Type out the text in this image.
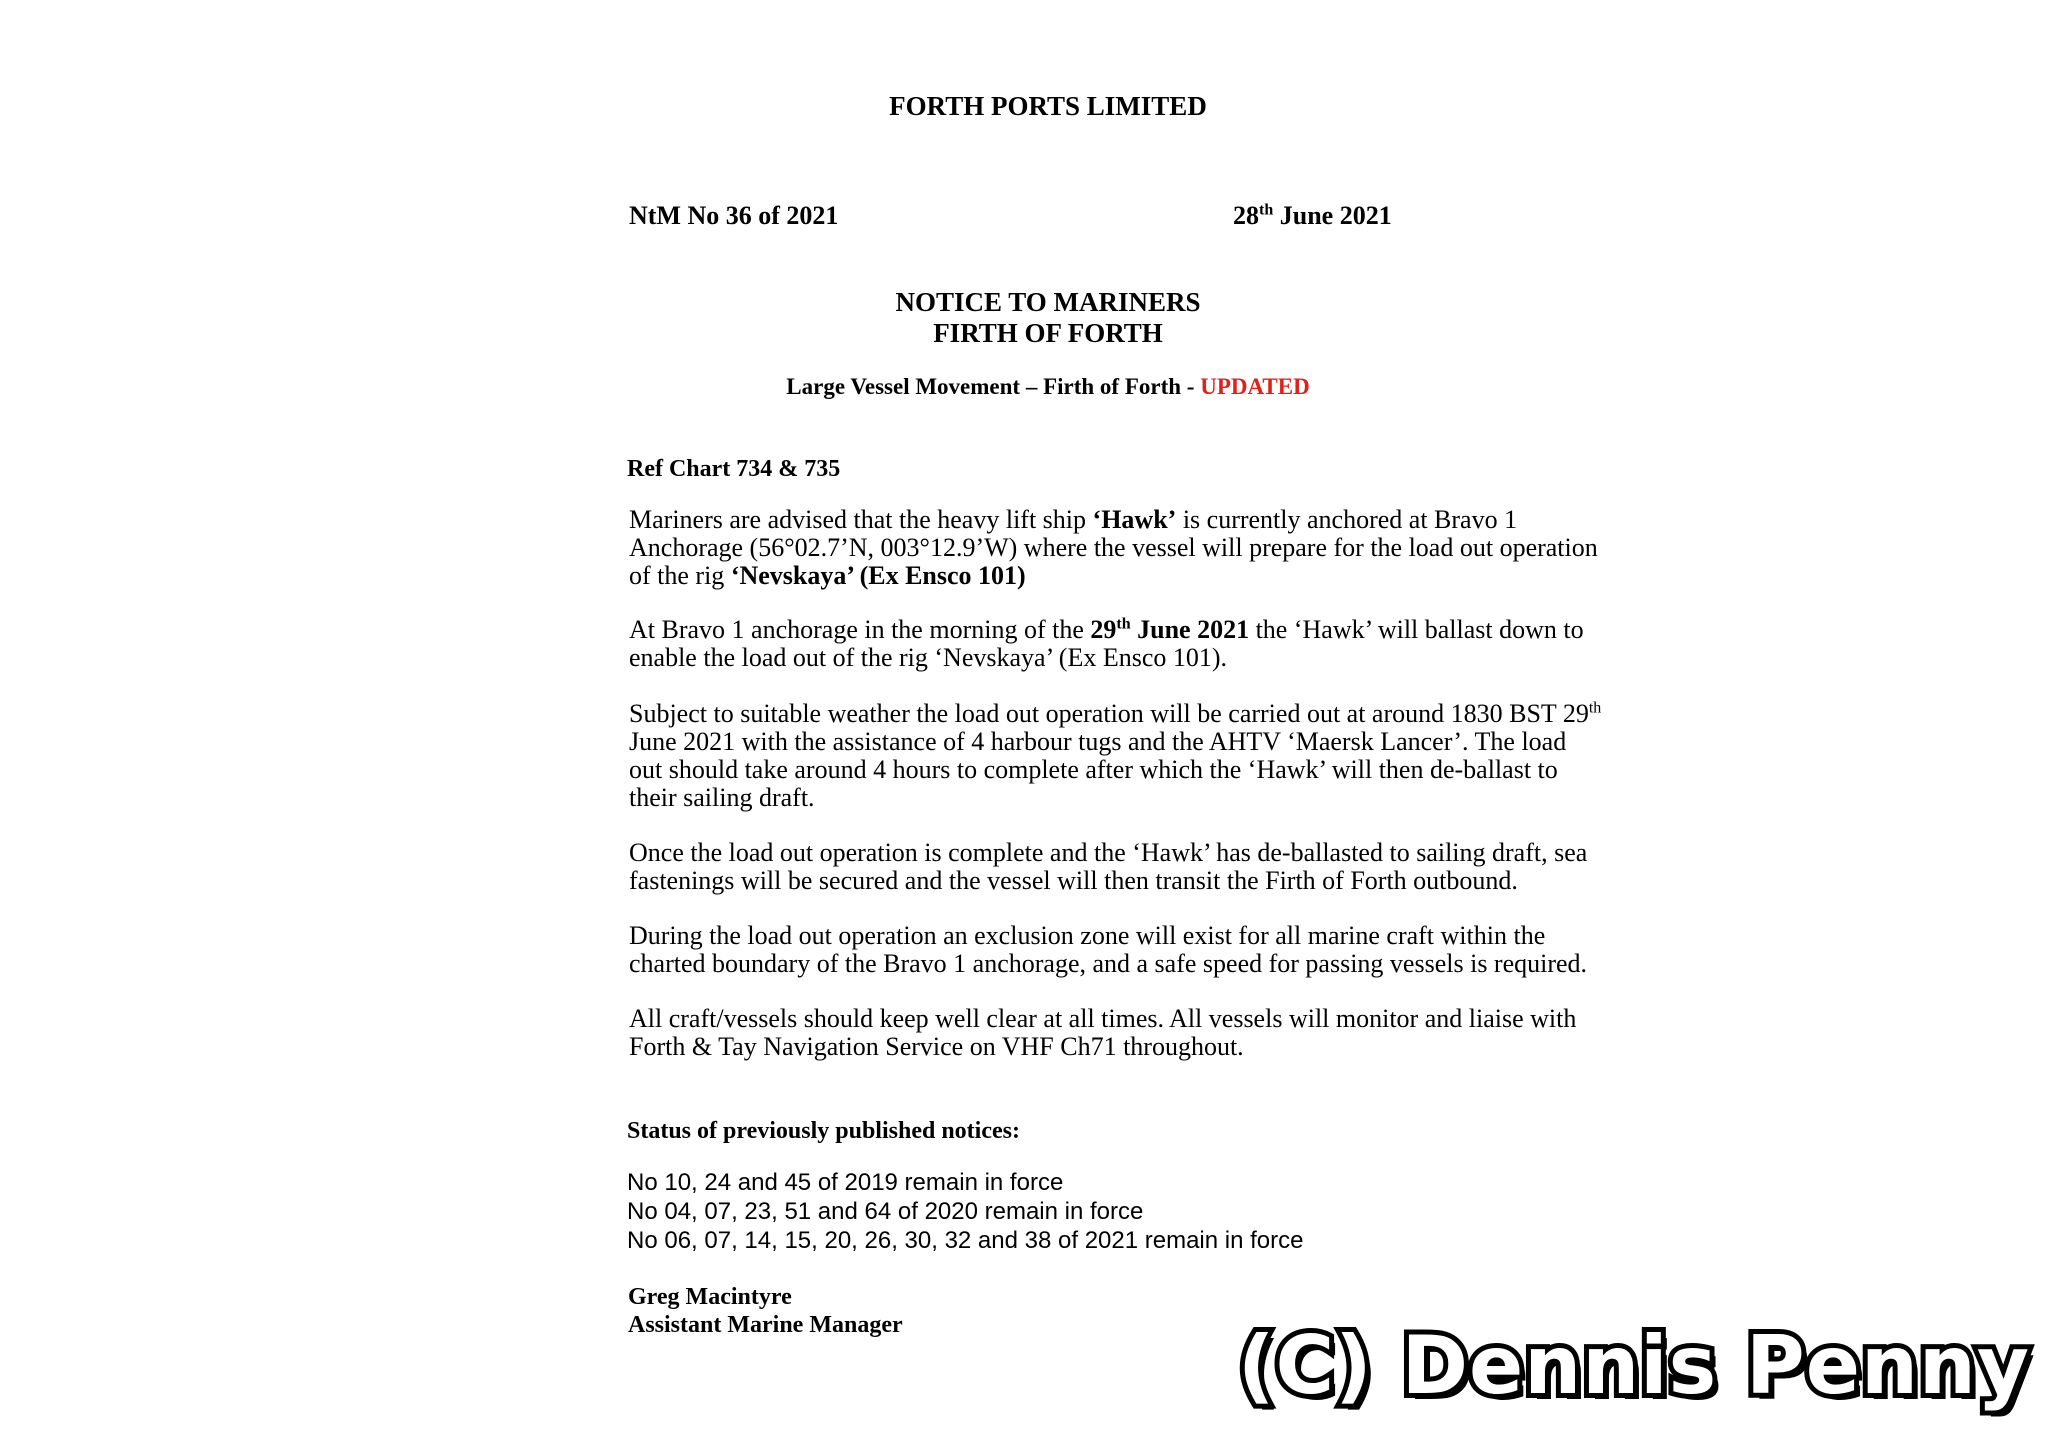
FORTH PORTS LIMITED
NtM No 36 of 2021	28th June 2021
NOTICE TO MARINERS
FIRTH OF FORTH
Large Vessel Movement – Firth of Forth - UPDATED
Ref Chart 734 & 735
Mariners are advised that the heavy lift ship ‘Hawk’ is currently anchored at Bravo 1
Anchorage (56°02.7’N, 003°12.9’W) where the vessel will prepare for the load out operation
of the rig ‘Nevskaya’ (Ex Ensco 101)
At Bravo 1 anchorage in the morning of the 29th June 2021 the ‘Hawk’ will ballast down to
enable the load out of the rig ‘Nevskaya’ (Ex Ensco 101).
Subject to suitable weather the load out operation will be carried out at around 1830 BST 29th
June 2021 with the assistance of 4 harbour tugs and the AHTV ‘Maersk Lancer’. The load
out should take around 4 hours to complete after which the ‘Hawk’ will then de-ballast to
their sailing draft.
Once the load out operation is complete and the ‘Hawk’ has de-ballasted to sailing draft, sea
fastenings will be secured and the vessel will then transit the Firth of Forth outbound.
During the load out operation an exclusion zone will exist for all marine craft within the
charted boundary of the Bravo 1 anchorage, and a safe speed for passing vessels is required.
All craft/vessels should keep well clear at all times. All vessels will monitor and liaise with
Forth & Tay Navigation Service on VHF Ch71 throughout.
Status of previously published notices:
No 10, 24 and 45 of 2019 remain in force
No 04, 07, 23, 51 and 64 of 2020 remain in force
No 06, 07, 14, 15, 20, 26, 30, 32 and 38 of 2021 remain in force
Greg Macintyre
Assistant Marine Manager	(C) Dennis Penny
